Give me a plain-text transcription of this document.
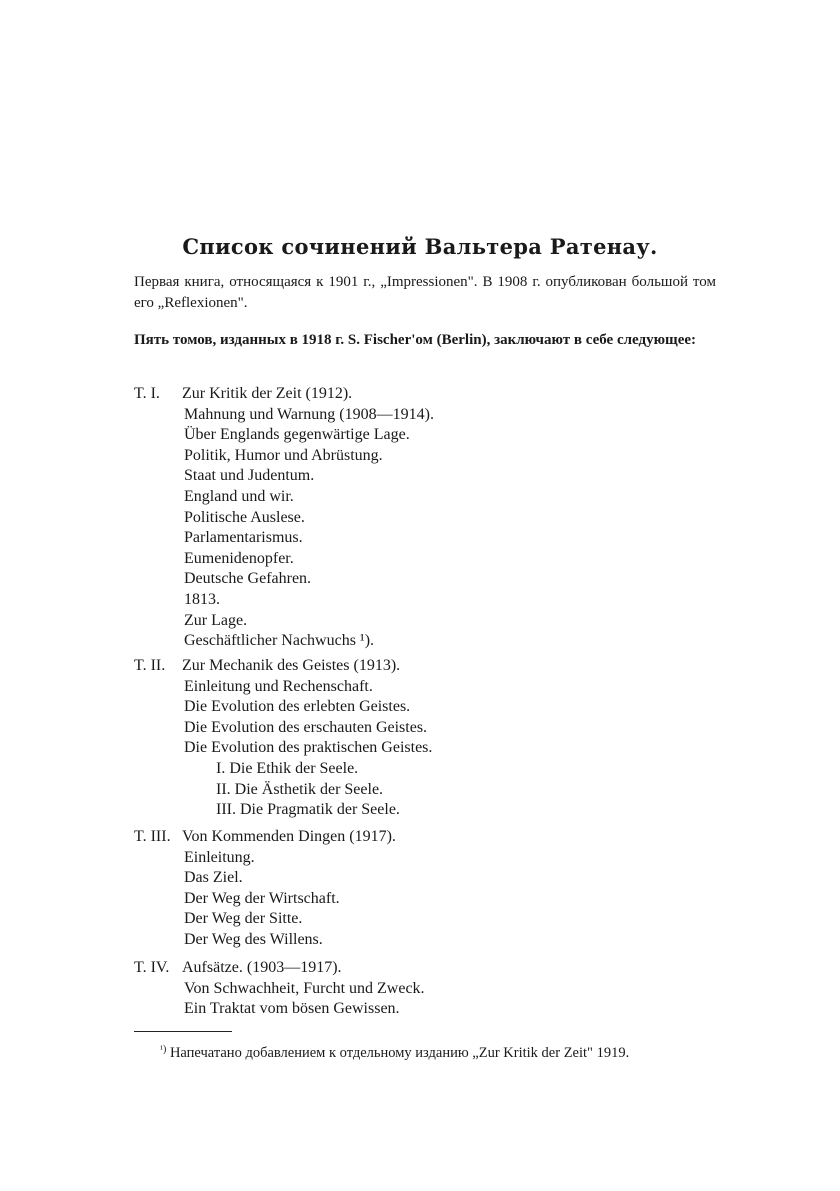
Список сочинений Вальтера Ратенау.
Первая книга, относящаяся к 1901 г., „Impressionen". В 1908 г. опубликован большой том его „Reflexionen".
Пять томов, изданных в 1918 г. S. Fischer'ом (Berlin), заключают в себе следующее:
T. I.	Zur Kritik der Zeit (1912).
Mahnung und Warnung (1908—1914).
Über Englands gegenwärtige Lage.
Politik, Humor und Abrüstung.
Staat und Judentum.
England und wir.
Politische Auslese.
Parlamentarismus.
Eumenidenopfer.
Deutsche Gefahren.
1813.
Zur Lage.
Geschäftlicher Nachwuchs ¹).
T. II.	Zur Mechanik des Geistes (1913).
Einleitung und Rechenschaft.
Die Evolution des erlebten Geistes.
Die Evolution des erschauten Geistes.
Die Evolution des praktischen Geistes.
I. Die Ethik der Seele.
II. Die Ästhetik der Seele.
III. Die Pragmatik der Seele.
T. III. Von Kommenden Dingen (1917).
Einleitung.
Das Ziel.
Der Weg der Wirtschaft.
Der Weg der Sitte.
Der Weg des Willens.
T. IV. Aufsätze. (1903—1917).
Von Schwachheit, Furcht und Zweck.
Ein Traktat vom bösen Gewissen.
$^{^1)}$ Напечатано добавлением к отдельному изданию „Zur Kritik der Zeit" 1919.
